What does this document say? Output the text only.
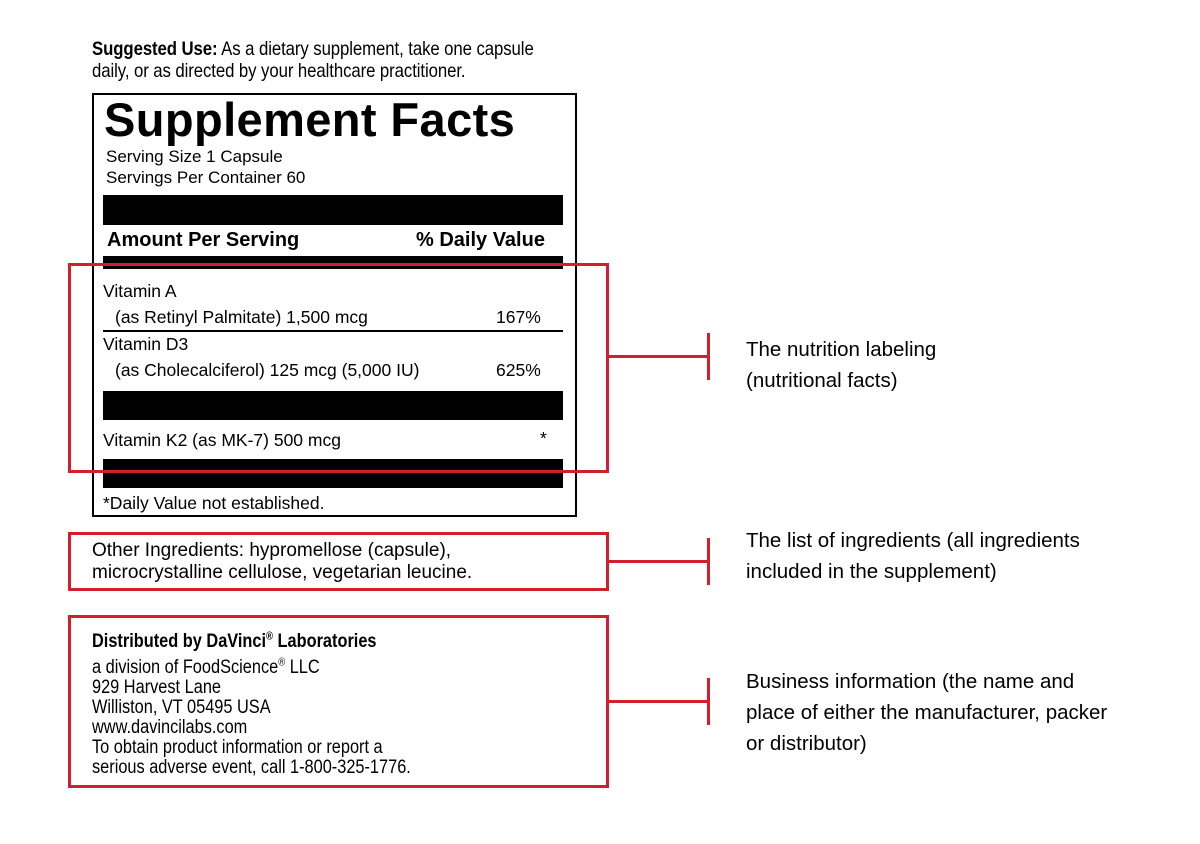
Suggested Use: As a dietary supplement, take one capsule
daily, or as directed by your healthcare practitioner.
Supplement Facts
Serving Size 1 Capsule
Servings Per Container 60
Amount Per Serving	% Daily Value
Vitamin A
(as Retinyl Palmitate) 1,500 mcg	167%
Vitamin D3
(as Cholecalciferol) 125 mcg (5,000 IU)	625%
Vitamin K2 (as MK-7) 500 mcg	*
*Daily Value not established.
Other Ingredients: hypromellose (capsule),
microcrystalline cellulose, vegetarian leucine.
Distributed by DaVinci® Laboratories
a division of FoodScience® LLC
929 Harvest Lane
Williston, VT 05495 USA
www.davincilabs.com
To obtain product information or report a
serious adverse event, call 1-800-325-1776.
The nutrition labeling
(nutritional facts)
The list of ingredients (all ingredients
included in the supplement)
Business information (the name and
place of either the manufacturer, packer
or distributor)
